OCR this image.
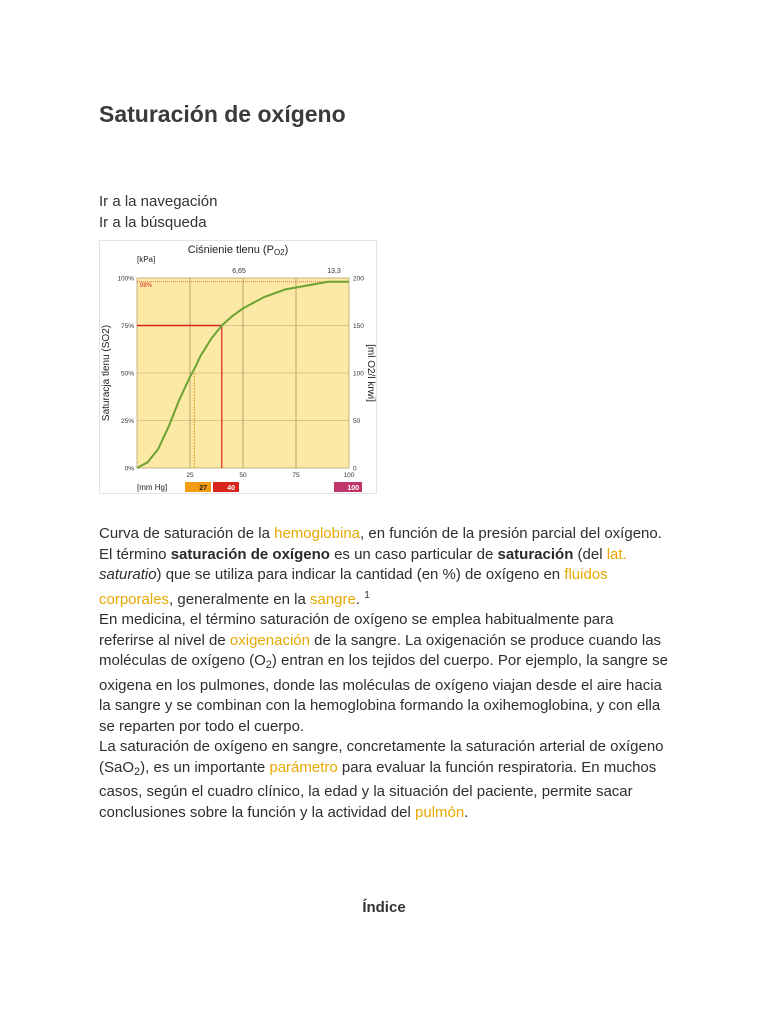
Saturación de oxígeno
Ir a la navegación
Ir a la búsqueda
Ciśnienie tlenu (PO2)
[kPa]
6,65	13,3
98%
100%
75%
50%
25%
0%
200
150
100
50
0
25	50	75	100
Saturacja tlenu (SO2)	[ml O2/l krwi]
[mm Hg]	27	40	100

Curva de saturación de la hemoglobina, en función de la presión parcial del oxígeno.

El término saturación de oxígeno es un caso particular de saturación (del lat. saturatio) que se utiliza para indicar la cantidad (en %) de oxígeno en fluidos corporales, generalmente en la sangre. $^1$

En medicina, el término saturación de oxígeno se emplea habitualmente para referirse al nivel de oxigenación de la sangre. La oxigenación se produce cuando las moléculas de oxígeno $(O_2)$ entran en los tejidos del cuerpo. Por ejemplo, la sangre se oxigena en los pulmones, donde las moléculas de oxígeno viajan desde el aire hacia la sangre y se combinan con la hemoglobina formando la oxihemoglobina, y con ella se reparten por todo el cuerpo.

La saturación de oxígeno en sangre, concretamente la saturación arterial de oxígeno (SaO$_2$), es un importante parámetro para evaluar la función respiratoria. En muchos casos, según el cuadro clínico, la edad y la situación del paciente, permite sacar conclusiones sobre la función y la actividad del pulmón.

Índice
